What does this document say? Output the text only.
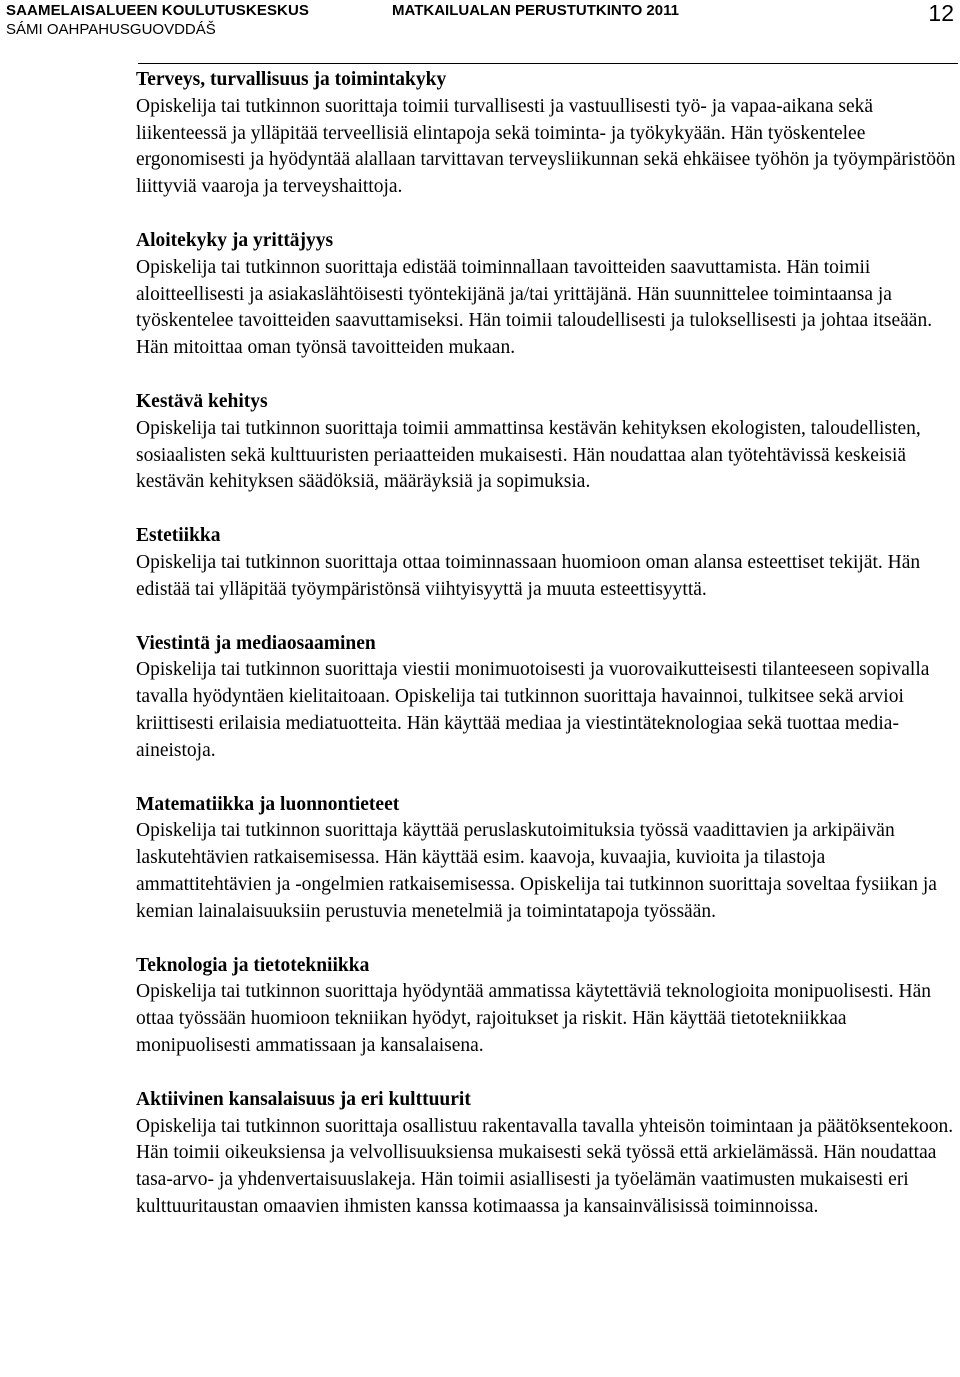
SAAMELAISALUEEN KOULUTUSKESKUS
SÁMI OAHPAHUSGUOVDDÁŠ
MATKAILUALAN PERUSTUTKINTO 2011	12
Terveys, turvallisuus ja toimintakyky

Opiskelija tai tutkinnon suorittaja toimii turvallisesti ja vastuullisesti työ- ja vapaa-aikana sekä liikenteessä ja ylläpitää terveellisiä elintapoja sekä toiminta- ja työkykyään. Hän työskentelee ergonomisesti ja hyödyntää alallaan tarvittavan terveysliikunnan sekä ehkäisee työhön ja työympäristöön liittyviä vaaroja ja terveyshaittoja.

Aloitekyky ja yrittäjyys

Opiskelija tai tutkinnon suorittaja edistää toiminnallaan tavoitteiden saavuttamista. Hän toimii aloitteellisesti ja asiakaslähtöisesti työntekijänä ja/tai yrittäjänä. Hän suunnittelee toimintaansa ja työskentelee tavoitteiden saavuttamiseksi. Hän toimii taloudellisesti ja tuloksellisesti ja johtaa itseään. Hän mitoittaa oman työnsä tavoitteiden mukaan.

Kestävä kehitys

Opiskelija tai tutkinnon suorittaja toimii ammattinsa kestävän kehityksen ekologisten, taloudellisten, sosiaalisten sekä kulttuuristen periaatteiden mukaisesti. Hän noudattaa alan työtehtävissä keskeisiä kestävän kehityksen säädöksiä, määräyksiä ja sopimuksia.

Estetiikka

Opiskelija tai tutkinnon suorittaja ottaa toiminnassaan huomioon oman alansa esteettiset tekijät. Hän edistää tai ylläpitää työympäristönsä viihtyisyyttä ja muuta esteettisyyttä.

Viestintä ja mediaosaaminen

Opiskelija tai tutkinnon suorittaja viestii monimuotoisesti ja vuorovaikutteisesti tilanteeseen sopivalla tavalla hyödyntäen kielitaitoaan. Opiskelija tai tutkinnon suorittaja havainnoi, tulkitsee sekä arvioi kriittisesti erilaisia mediatuotteita. Hän käyttää mediaa ja viestintäteknologiaa sekä tuottaa media-aineistoja.

Matematiikka ja luonnontieteet

Opiskelija tai tutkinnon suorittaja käyttää peruslaskutoimituksia työssä vaadittavien ja arkipäivän laskutehtävien ratkaisemisessa. Hän käyttää esim. kaavoja, kuvaajia, kuvioita ja tilastoja ammattitehtävien ja -ongelmien ratkaisemisessa. Opiskelija tai tutkinnon suorittaja soveltaa fysiikan ja kemian lainalaisuuksiin perustuvia menetelmiä ja toimintatapoja työssään.

Teknologia ja tietotekniikka

Opiskelija tai tutkinnon suorittaja hyödyntää ammatissa käytettäviä teknologioita monipuolisesti. Hän ottaa työssään huomioon tekniikan hyödyt, rajoitukset ja riskit. Hän käyttää tietotekniikkaa monipuolisesti ammatissaan ja kansalaisena.

Aktiivinen kansalaisuus ja eri kulttuurit

Opiskelija tai tutkinnon suorittaja osallistuu rakentavalla tavalla yhteisön toimintaan ja päätöksentekoon. Hän toimii oikeuksiensa ja velvollisuuksiensa mukaisesti sekä työssä että arkielämässä. Hän noudattaa tasa-arvo- ja yhdenvertaisuuslakeja. Hän toimii asiallisesti ja työelämän vaatimusten mukaisesti eri kulttuuritaustan omaavien ihmisten kanssa kotimaassa ja kansainvälisissä toiminnoissa.
